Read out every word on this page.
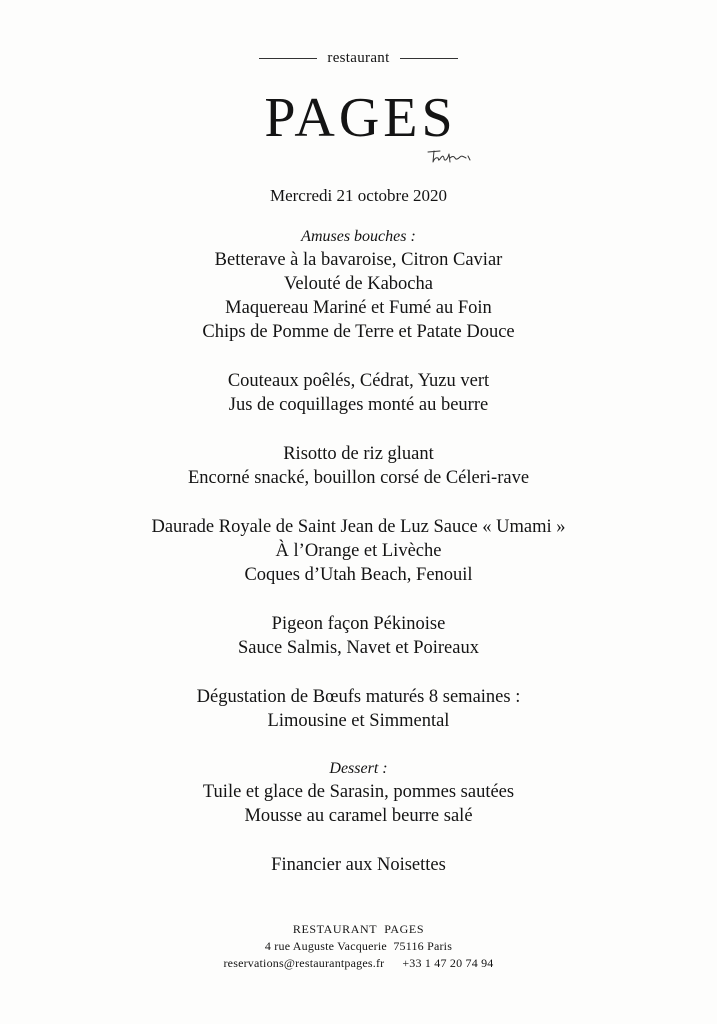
restaurant
PAGES
Mercredi 21 octobre 2020
Amuses bouches :
Betterave à la bavaroise, Citron Caviar
Velouté de Kabocha
Maquereau Mariné et Fumé au Foin
Chips de Pomme de Terre et Patate Douce
Couteaux poêlés, Cédrat, Yuzu vert
Jus de coquillages monté au beurre
Risotto de riz gluant
Encorné snacké, bouillon corsé de Céleri-rave
Daurade Royale de Saint Jean de Luz Sauce « Umami »
À l’Orange et Livèche
Coques d’Utah Beach, Fenouil
Pigeon façon Pékinoise
Sauce Salmis, Navet et Poireaux
Dégustation de Bœufs maturés 8 semaines :
Limousine et Simmental
Dessert :
Tuile et glace de Sarasin, pommes sautées
Mousse au caramel beurre salé
Financier aux Noisettes
RESTAURANT  PAGES
4 rue Auguste Vacquerie  75116 Paris
reservations@restaurantpages.fr +33 1 47 20 74 94
